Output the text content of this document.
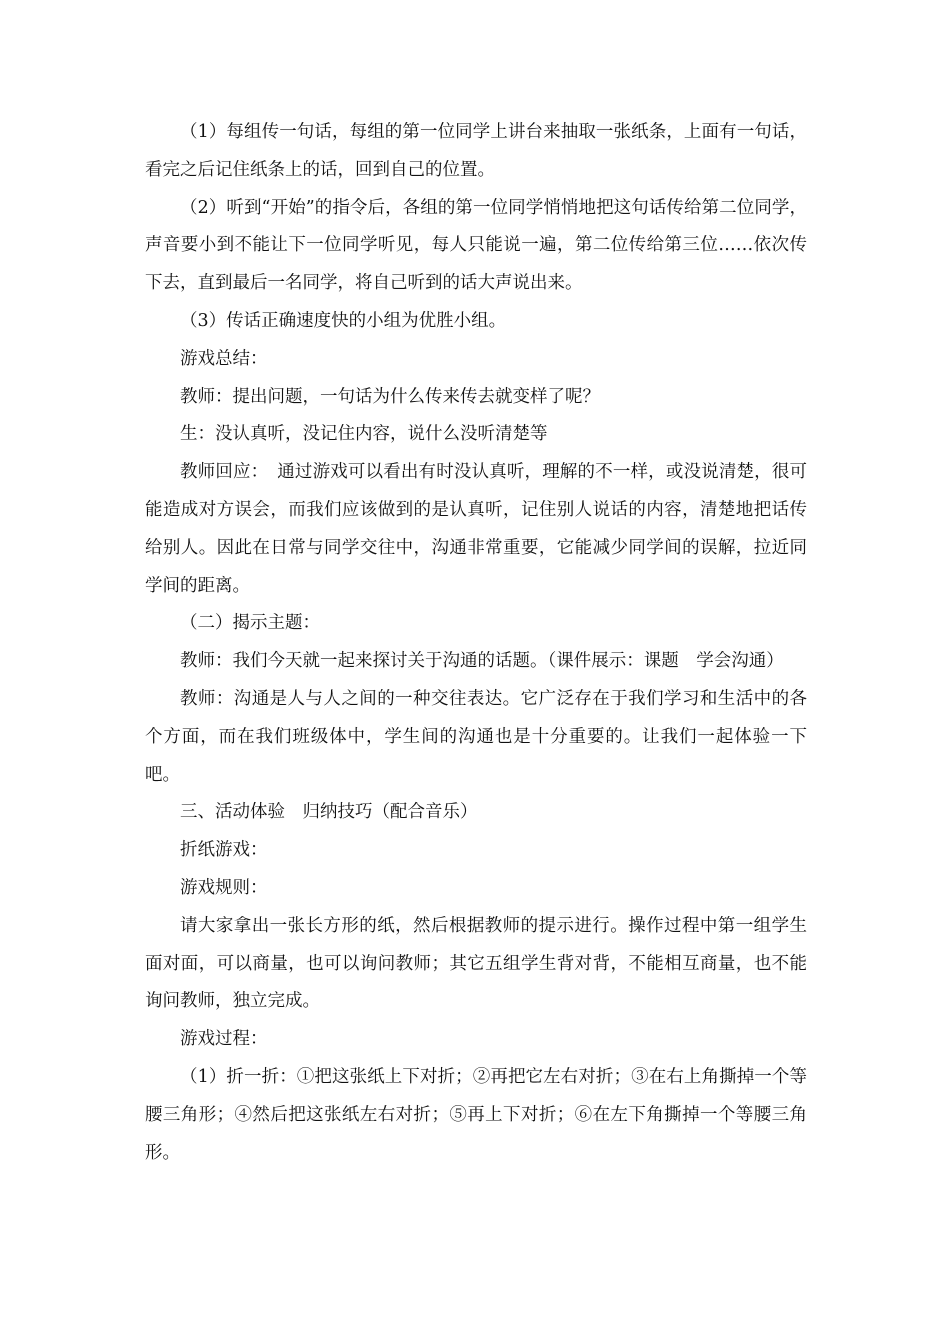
（1）每组传一句话，每组的第一位同学上讲台来抽取一张纸条，上面有一句话，看完之后记住纸条上的话，回到自己的位置。

（2）听到“开始”的指令后，各组的第一位同学悄悄地把这句话传给第二位同学，声音要小到不能让下一位同学听见，每人只能说一遍，第二位传给第三位……依次传下去，直到最后一名同学，将自己听到的话大声说出来。

（3）传话正确速度快的小组为优胜小组。

游戏总结：

教师：提出问题，一句话为什么传来传去就变样了呢？

生：没认真听，没记住内容，说什么没听清楚等

教师回应：　通过游戏可以看出有时没认真听，理解的不一样，或没说清楚，很可能造成对方误会，而我们应该做到的是认真听，记住别人说话的内容，清楚地把话传给别人。因此在日常与同学交往中，沟通非常重要，它能减少同学间的误解，拉近同学间的距离。

（二）揭示主题：

教师：我们今天就一起来探讨关于沟通的话题。（课件展示：课题　学会沟通）

教师：沟通是人与人之间的一种交往表达。它广泛存在于我们学习和生活中的各个方面，而在我们班级体中，学生间的沟通也是十分重要的。让我们一起体验一下吧。

三、活动体验　归纳技巧（配合音乐）

折纸游戏：

游戏规则：

请大家拿出一张长方形的纸，然后根据教师的提示进行。操作过程中第一组学生面对面，可以商量，也可以询问教师；其它五组学生背对背，不能相互商量，也不能询问教师，独立完成。

游戏过程：

（1）折一折：①把这张纸上下对折；②再把它左右对折；③在右上角撕掉一个等腰三角形；④然后把这张纸左右对折；⑤再上下对折；⑥在左下角撕掉一个等腰三角形。
